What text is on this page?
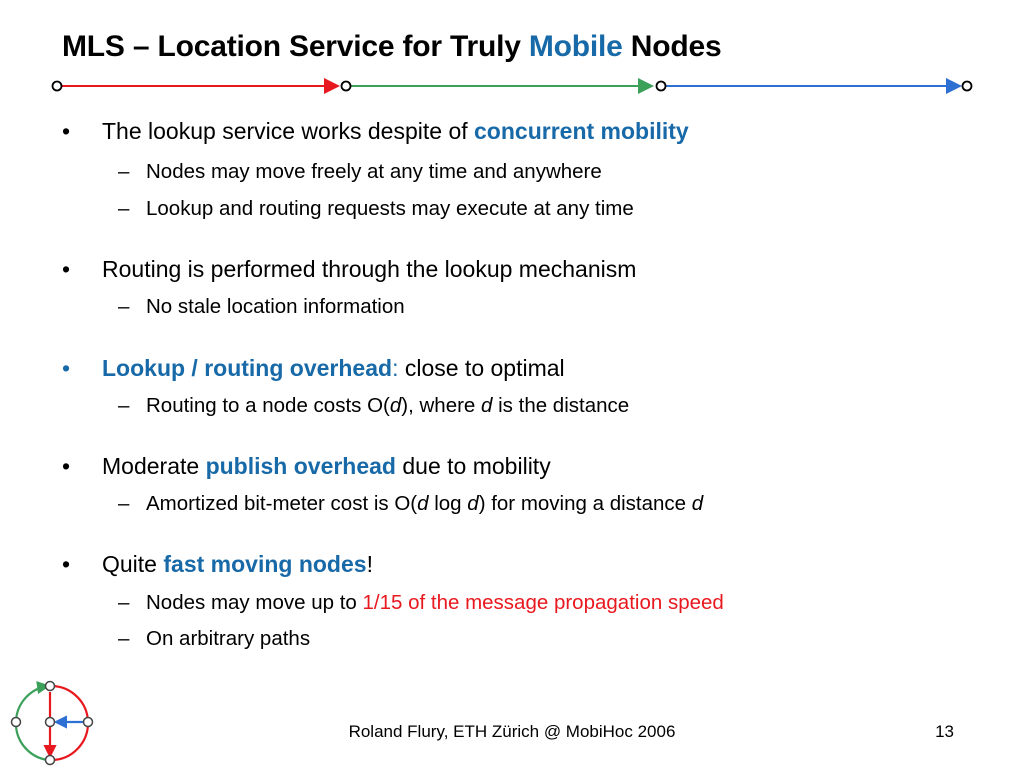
MLS – Location Service for Truly Mobile Nodes
• The lookup service works despite of concurrent mobility
– Nodes may move freely at any time and anywhere
– Lookup and routing requests may execute at any time
• Routing is performed through the lookup mechanism
– No stale location information
• Lookup / routing overhead: close to optimal
– Routing to a node costs O(d), where d is the distance
• Moderate publish overhead due to mobility
– Amortized bit-meter cost is O(d log d) for moving a distance d
• Quite fast moving nodes!
– Nodes may move up to 1/15 of the message propagation speed
– On arbitrary paths
Roland Flury, ETH Zürich @ MobiHoc 2006	13
